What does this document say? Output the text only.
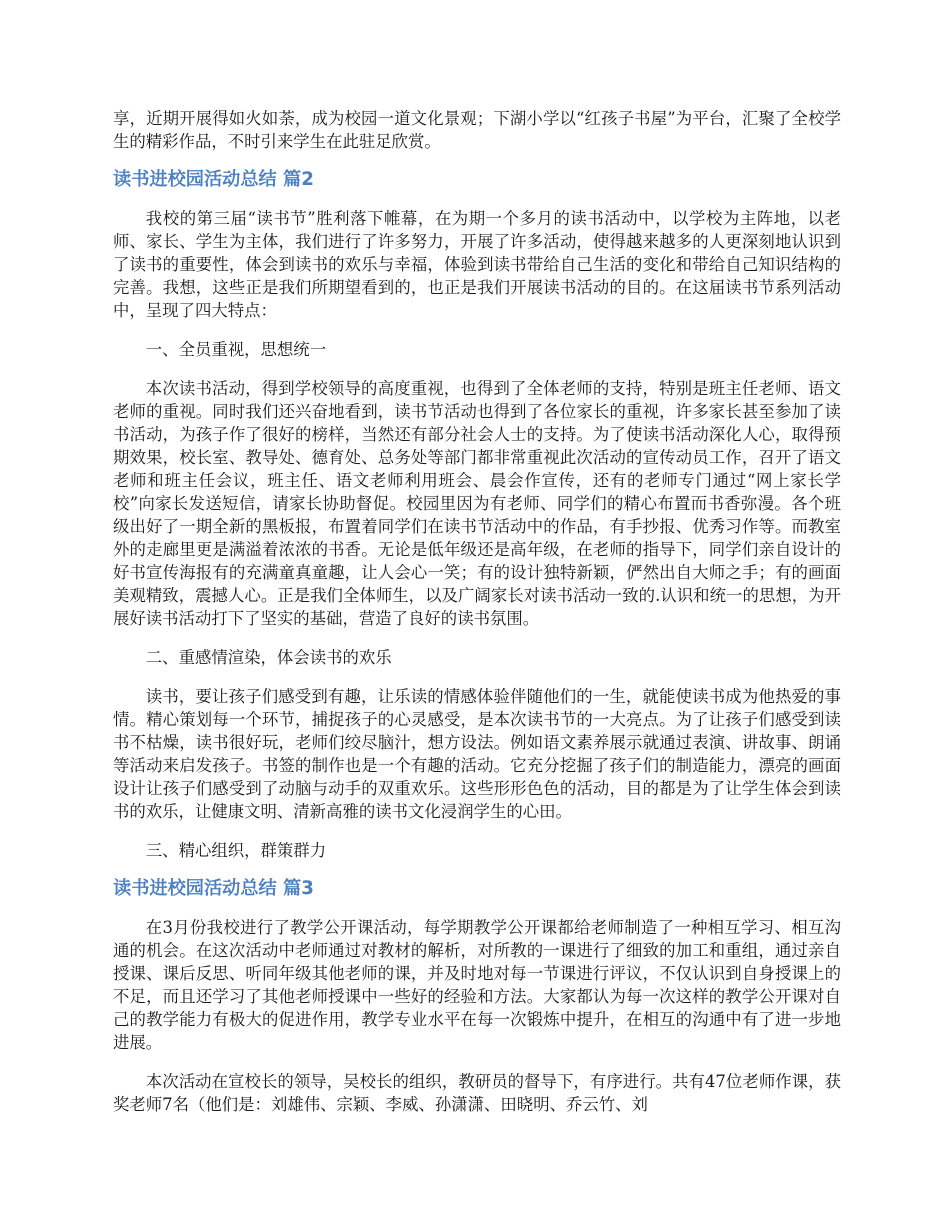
享，近期开展得如火如荼，成为校园一道文化景观；下湖小学以“红孩子书屋”为平台，汇聚了全校学生的精彩作品，不时引来学生在此驻足欣赏。

读书进校园活动总结 篇2

我校的第三届“读书节”胜利落下帷幕，在为期一个多月的读书活动中，以学校为主阵地，以老师、家长、学生为主体，我们进行了许多努力，开展了许多活动，使得越来越多的人更深刻地认识到了读书的重要性，体会到读书的欢乐与幸福，体验到读书带给自己生活的变化和带给自己知识结构的完善。我想，这些正是我们所期望看到的，也正是我们开展读书活动的目的。在这届读书节系列活动中，呈现了四大特点：

一、全员重视，思想统一

本次读书活动，得到学校领导的高度重视，也得到了全体老师的支持，特别是班主任老师、语文老师的重视。同时我们还兴奋地看到，读书节活动也得到了各位家长的重视，许多家长甚至参加了读书活动，为孩子作了很好的榜样，当然还有部分社会人士的支持。为了使读书活动深化人心，取得预期效果，校长室、教导处、德育处、总务处等部门都非常重视此次活动的宣传动员工作，召开了语文老师和班主任会议，班主任、语文老师利用班会、晨会作宣传，还有的老师专门通过“网上家长学校”向家长发送短信，请家长协助督促。校园里因为有老师、同学们的精心布置而书香弥漫。各个班级出好了一期全新的黑板报，布置着同学们在读书节活动中的作品，有手抄报、优秀习作等。而教室外的走廊里更是满溢着浓浓的书香。无论是低年级还是高年级，在老师的指导下，同学们亲自设计的好书宣传海报有的充满童真童趣，让人会心一笑；有的设计独特新颖，俨然出自大师之手；有的画面美观精致，震撼人心。正是我们全体师生，以及广阔家长对读书活动一致的.认识和统一的思想，为开展好读书活动打下了坚实的基础，营造了良好的读书氛围。

二、重感情渲染，体会读书的欢乐

读书，要让孩子们感受到有趣，让乐读的情感体验伴随他们的一生，就能使读书成为他热爱的事情。精心策划每一个环节，捕捉孩子的心灵感受，是本次读书节的一大亮点。为了让孩子们感受到读书不枯燥，读书很好玩，老师们绞尽脑汁，想方设法。例如语文素养展示就通过表演、讲故事、朗诵等活动来启发孩子。书签的制作也是一个有趣的活动。它充分挖掘了孩子们的制造能力，漂亮的画面设计让孩子们感受到了动脑与动手的双重欢乐。这些形形色色的活动，目的都是为了让学生体会到读书的欢乐，让健康文明、清新高雅的读书文化浸润学生的心田。

三、精心组织，群策群力

读书进校园活动总结 篇3

在3月份我校进行了教学公开课活动，每学期教学公开课都给老师制造了一种相互学习、相互沟通的机会。在这次活动中老师通过对教材的解析，对所教的一课进行了细致的加工和重组，通过亲自授课、课后反思、听同年级其他老师的课，并及时地对每一节课进行评议，不仅认识到自身授课上的不足，而且还学习了其他老师授课中一些好的经验和方法。大家都认为每一次这样的教学公开课对自己的教学能力有极大的促进作用，教学专业水平在每一次锻炼中提升，在相互的沟通中有了进一步地进展。

本次活动在宣校长的领导，吴校长的组织，教研员的督导下，有序进行。共有47位老师作课，获奖老师7名（他们是：刘雄伟、宗颖、李威、孙潇潇、田晓明、乔云竹、刘
